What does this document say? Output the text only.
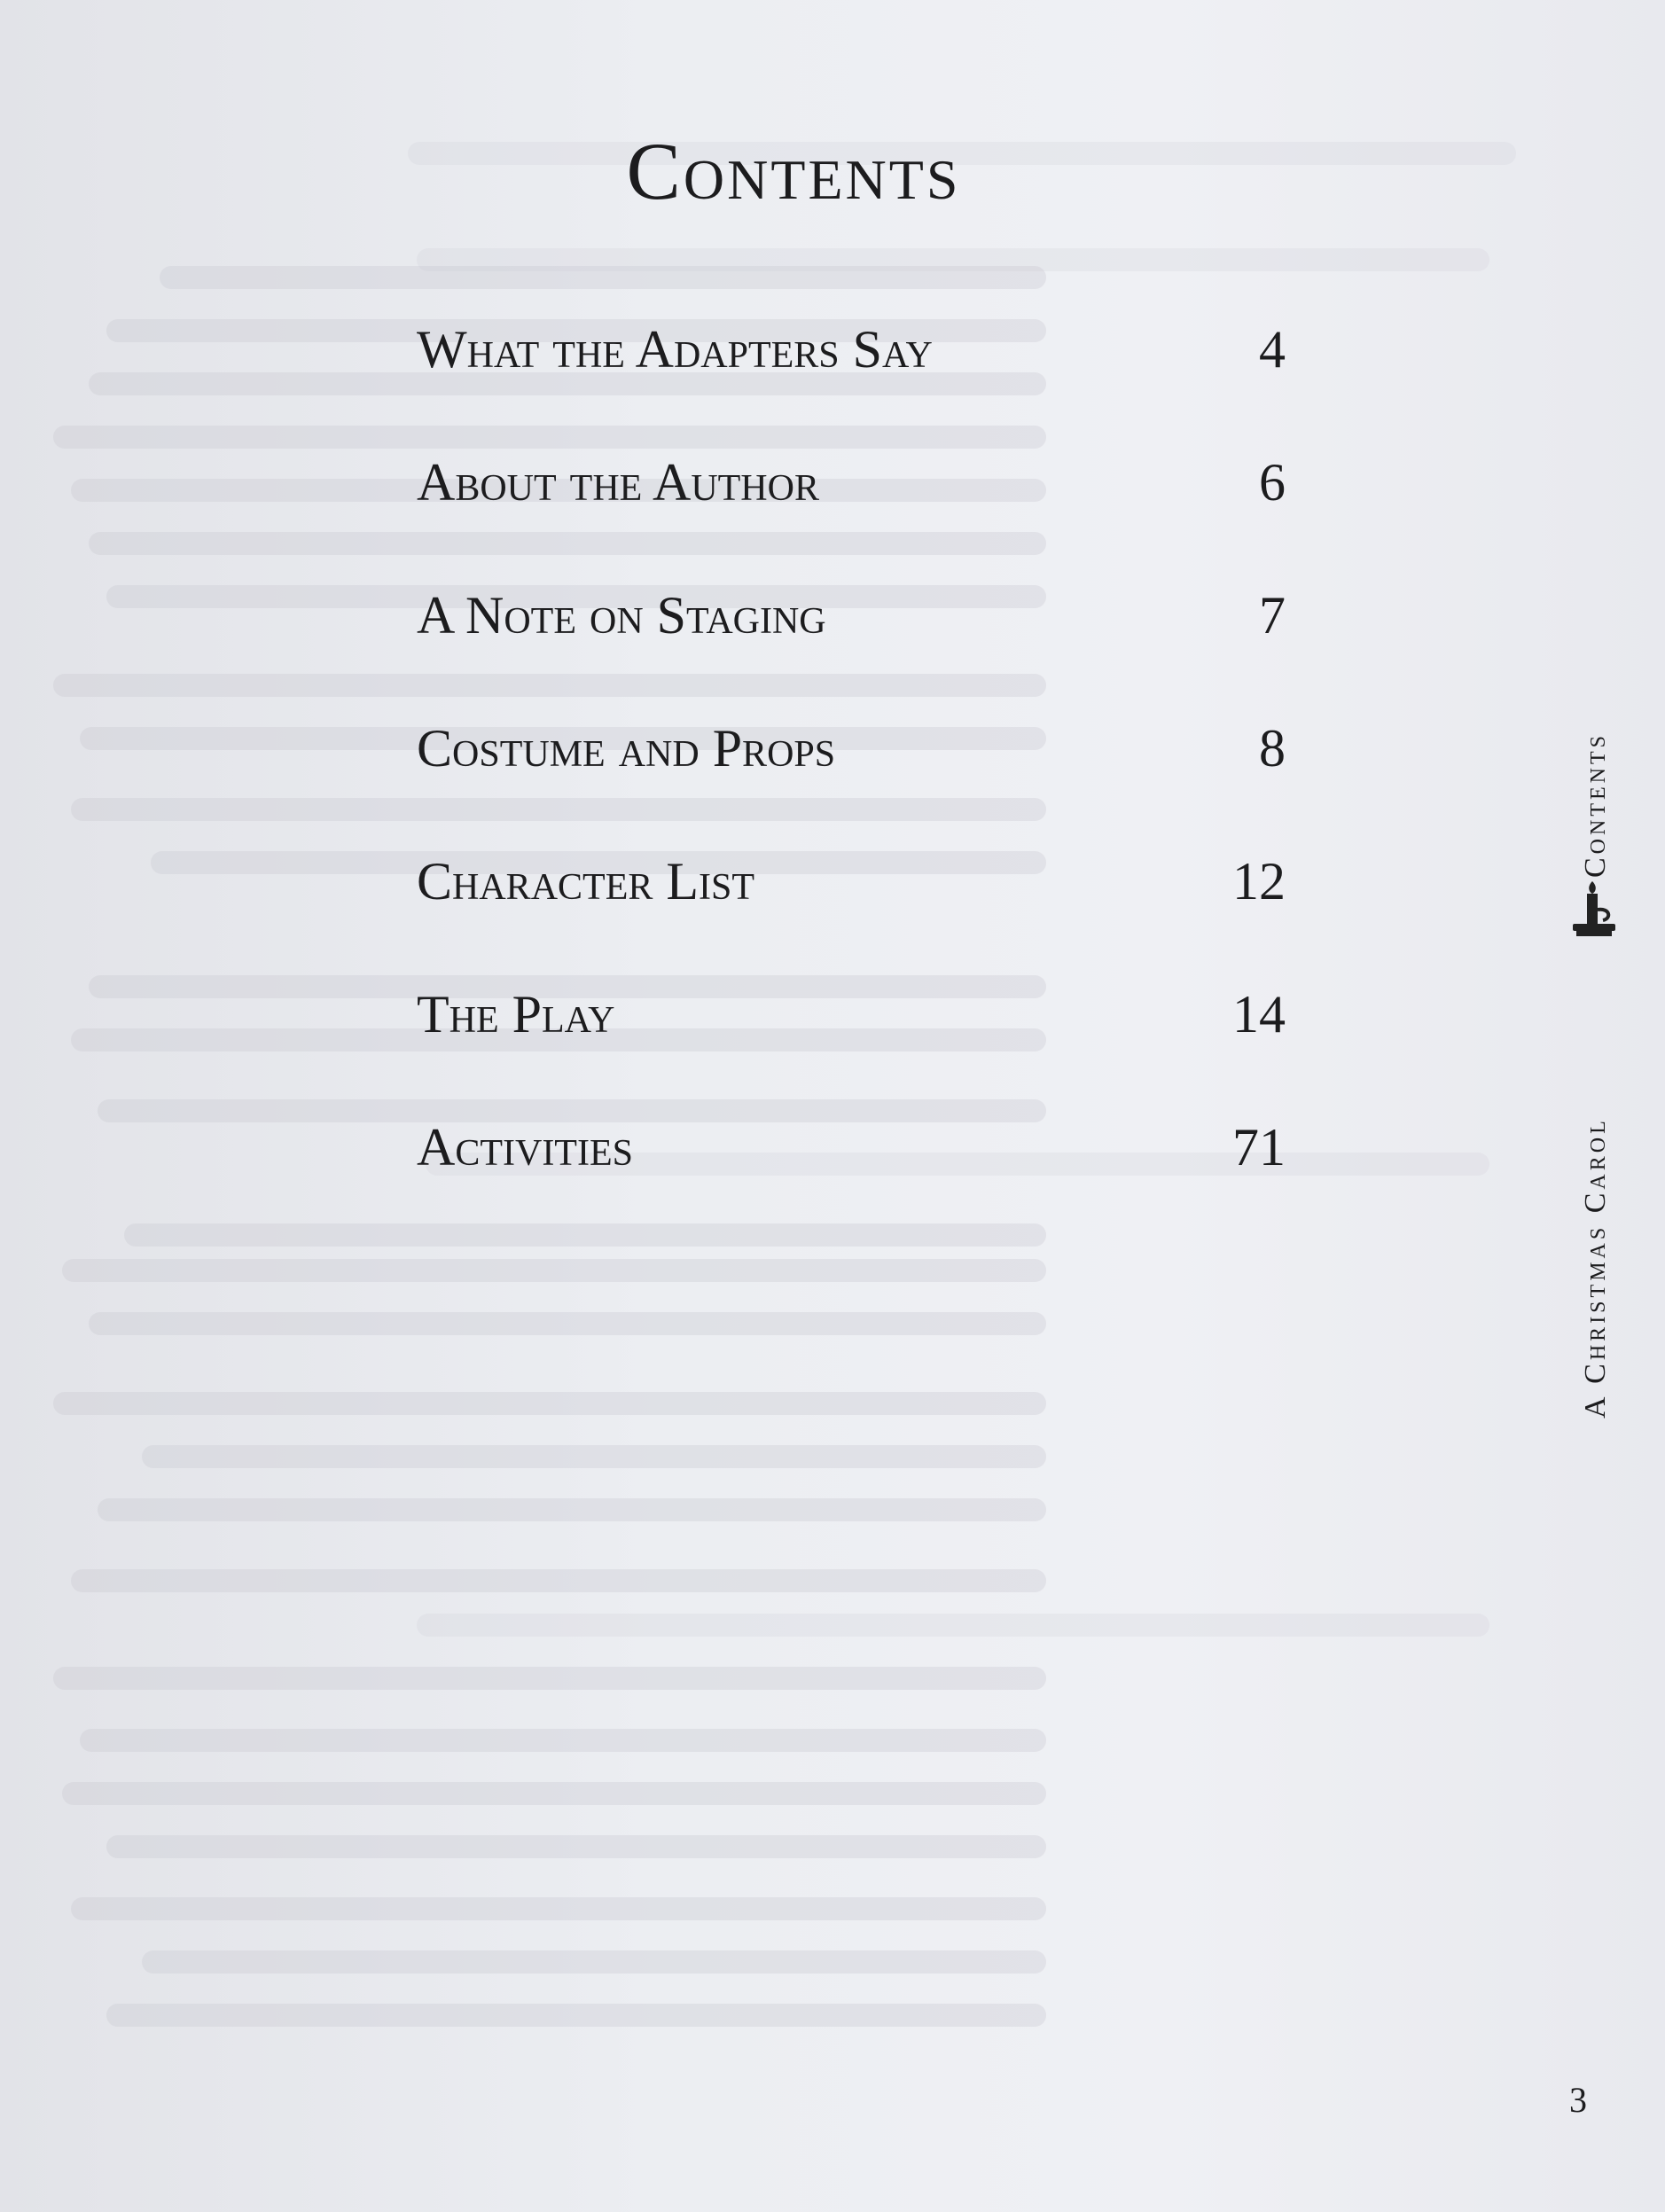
Contents
What the Adapters Say	4
About the Author	6
A Note on Staging	7
Costume and Props	8
Character List	12
The Play	14
Activities	71	A Christmas Carol
Contents
3
